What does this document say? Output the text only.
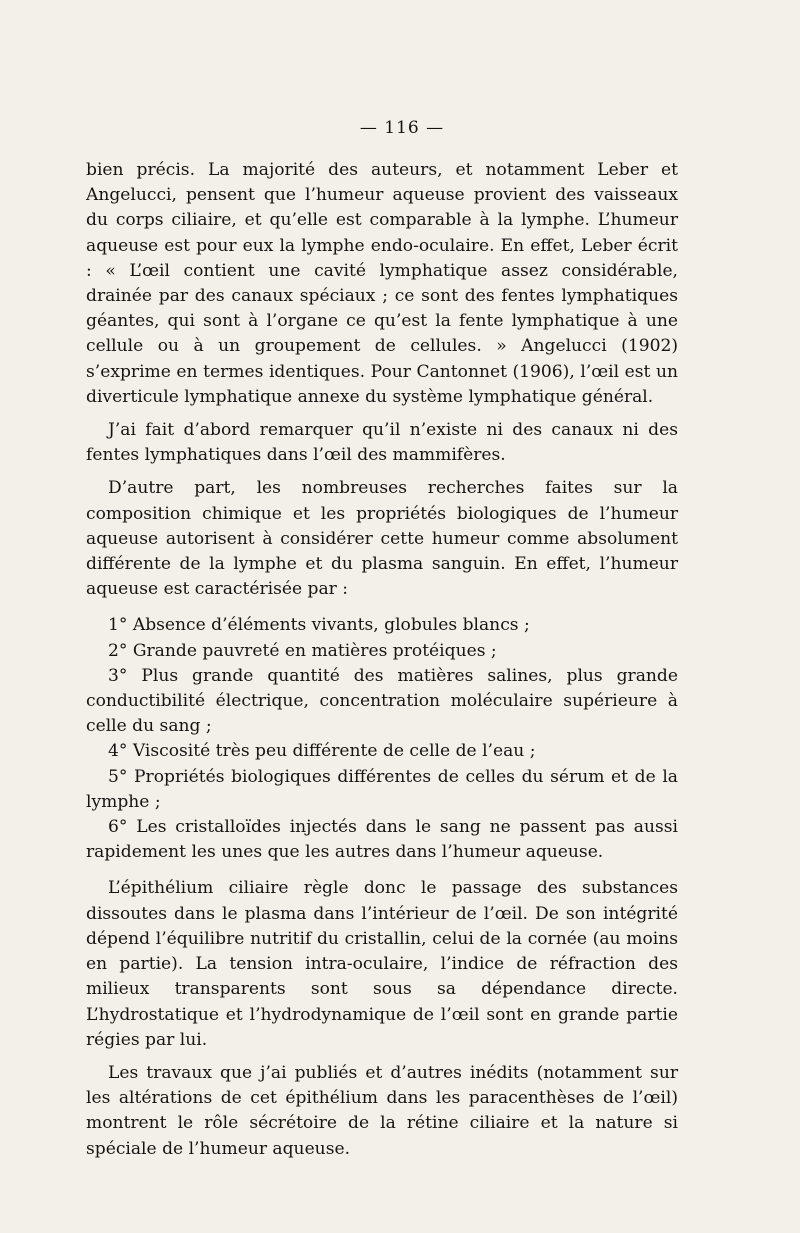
— 116 —

bien précis. La majorité des auteurs, et notamment Leber et Angelucci, pensent que l’humeur aqueuse provient des vaisseaux du corps ciliaire, et qu’elle est comparable à la lymphe. L’humeur aqueuse est pour eux la lymphe endo-oculaire. En effet, Leber écrit : « L’œil contient une cavité lymphatique assez considérable, drainée par des canaux spéciaux ; ce sont des fentes lymphatiques géantes, qui sont à l’organe ce qu’est la fente lymphatique à une cellule ou à un groupement de cellules. » Angelucci (1902) s’exprime en termes identiques. Pour Cantonnet (1906), l’œil est un diverticule lymphatique annexe du système lymphatique général.

J’ai fait d’abord remarquer qu’il n’existe ni des canaux ni des fentes lymphatiques dans l’œil des mammifères.

D’autre part, les nombreuses recherches faites sur la composition chimique et les propriétés biologiques de l’humeur aqueuse autorisent à considérer cette humeur comme absolument différente de la lymphe et du plasma sanguin. En effet, l’humeur aqueuse est caractérisée par :

1° Absence d’éléments vivants, globules blancs ;

2° Grande pauvreté en matières protéiques ;

3° Plus grande quantité des matières salines, plus grande conductibilité électrique, concentration moléculaire supérieure à celle du sang ;

4° Viscosité très peu différente de celle de l’eau ;

5° Propriétés biologiques différentes de celles du sérum et de la lymphe ;

6° Les cristalloïdes injectés dans le sang ne passent pas aussi rapidement les unes que les autres dans l’humeur aqueuse.

L’épithélium ciliaire règle donc le passage des substances dissoutes dans le plasma dans l’intérieur de l’œil. De son intégrité dépend l’équilibre nutritif du cristallin, celui de la cornée (au moins en partie). La tension intra-oculaire, l’indice de réfraction des milieux transparents sont sous sa dépendance directe. L’hydrostatique et l’hydrodynamique de l’œil sont en grande partie régies par lui.

Les travaux que j’ai publiés et d’autres inédits (notamment sur les altérations de cet épithélium dans les paracenthèses de l’œil) montrent le rôle sécrétoire de la rétine ciliaire et la nature si spéciale de l’humeur aqueuse.
